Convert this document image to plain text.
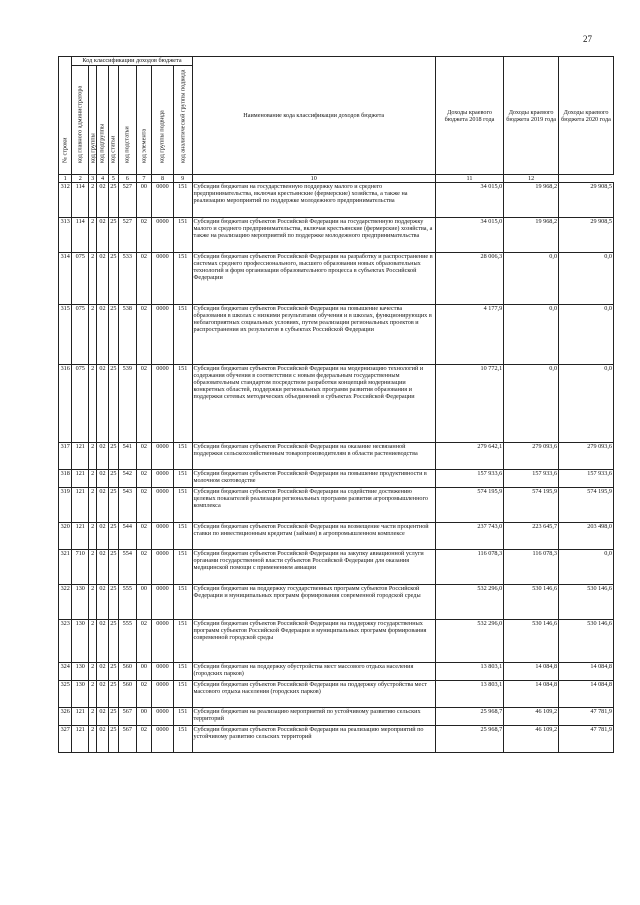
27
№ строки	Код классификации доходов бюджета								Наименование кода классификации доходов бюджета	Доходы краевого бюджета 2018 года	Доходы краевого бюджета 2019 года	Доходы краевого бюджета 2020 года

	код главного администратора	код группы	код подгруппы	код статьи	код подстатьи	код элемента	код группы подвида	код аналитической группы подвида				

1	2	3	4	5	6	7	8	9	10	11	12	
312	114	2	02	25	527	00	0000	151	Субсидии бюджетам на государственную поддержку малого и среднего предпринимательства, включая крестьянские (фермерские) хозяйства, а также на реализацию мероприятий по поддержке молодежного предпринимательства	34 015,0	19 968,2	29 908,5
313	114	2	02	25	527	02	0000	151	Субсидии бюджетам субъектов Российской Федерации на государственную поддержку малого и среднего предпринимательства, включая крестьянские (фермерские) хозяйства, а также на реализацию мероприятий по поддержке молодежного предпринимательства	34 015,0	19 968,2	29 908,5
314	075	2	02	25	533	02	0000	151	Субсидии бюджетам субъектов Российской Федерации на разработку и распространение в системах среднего профессионального, высшего образования новых образовательных технологий и форм организации образовательного процесса в субъектах Российской Федерации	28 006,3	0,0	0,0
315	075	2	02	25	538	02	0000	151	Субсидии бюджетам субъектов Российской Федерации на повышение качества образования в школах с низкими результатами обучения и в школах, функционирующих в неблагоприятных социальных условиях, путем реализации региональных проектов и распространения их результатов в субъектах Российской Федерации	4 177,9	0,0	0,0
316	075	2	02	25	539	02	0000	151	Субсидии бюджетам субъектов Российской Федерации на модернизацию технологий и содержания обучения в соответствии с новым федеральным государственным образовательным стандартом посредством разработки концепций модернизации конкретных областей, поддержки региональных программ развития образования и поддержки сетевых методических объединений в субъектах Российской Федерации	10 772,1	0,0	0,0
317	121	2	02	25	541	02	0000	151	Субсидии бюджетам субъектов Российской Федерации на оказание несвязанной поддержки сельскохозяйственным товаропроизводителям в области растениеводства	279 642,1	279 093,6	279 093,6
318	121	2	02	25	542	02	0000	151	Субсидии бюджетам субъектов Российской Федерации на повышение продуктивности в молочном скотоводстве	157 933,6	157 933,6	157 933,6
319	121	2	02	25	543	02	0000	151	Субсидии бюджетам субъектов Российской Федерации на содействие достижению целевых показателей реализации региональных программ развития агропромышленного комплекса	574 195,9	574 195,9	574 195,9
320	121	2	02	25	544	02	0000	151	Субсидии бюджетам субъектов Российской Федерации на возмещение части процентной ставки по инвестиционным кредитам (займам) в агропромышленном комплексе	237 743,0	223 645,7	203 498,0
321	710	2	02	25	554	02	0000	151	Субсидии бюджетам субъектов Российской Федерации на закупку авиационной услуги органами государственной власти субъектов Российской Федерации для оказания медицинской помощи с применением авиации	116 078,3	116 078,3	0,0
322	130	2	02	25	555	00	0000	151	Субсидии бюджетам на поддержку государственных программ субъектов Российской Федерации и муниципальных программ формирования современной городской среды	532 296,0	530 146,6	530 146,6
323	130	2	02	25	555	02	0000	151	Субсидии бюджетам субъектов Российской Федерации на поддержку государственных программ субъектов Российской Федерации и муниципальных программ формирования современной городской среды	532 296,0	530 146,6	530 146,6
324	130	2	02	25	560	00	0000	151	Субсидии бюджетам на поддержку обустройства мест массового отдыха населения (городских парков)	13 803,1	14 084,8	14 084,8
325	130	2	02	25	560	02	0000	151	Субсидии бюджетам субъектов Российской Федерации на поддержку обустройства мест массового отдыха населения (городских парков)	13 803,1	14 084,8	14 084,8
326	121	2	02	25	567	00	0000	151	Субсидии бюджетам на реализацию мероприятий по устойчивому развитию сельских территорий	25 968,7	46 109,2	47 781,9
327	121	2	02	25	567	02	0000	151	Субсидии бюджетам субъектов Российской Федерации на реализацию мероприятий по устойчивому развитию сельских территорий	25 968,7	46 109,2	47 781,9
